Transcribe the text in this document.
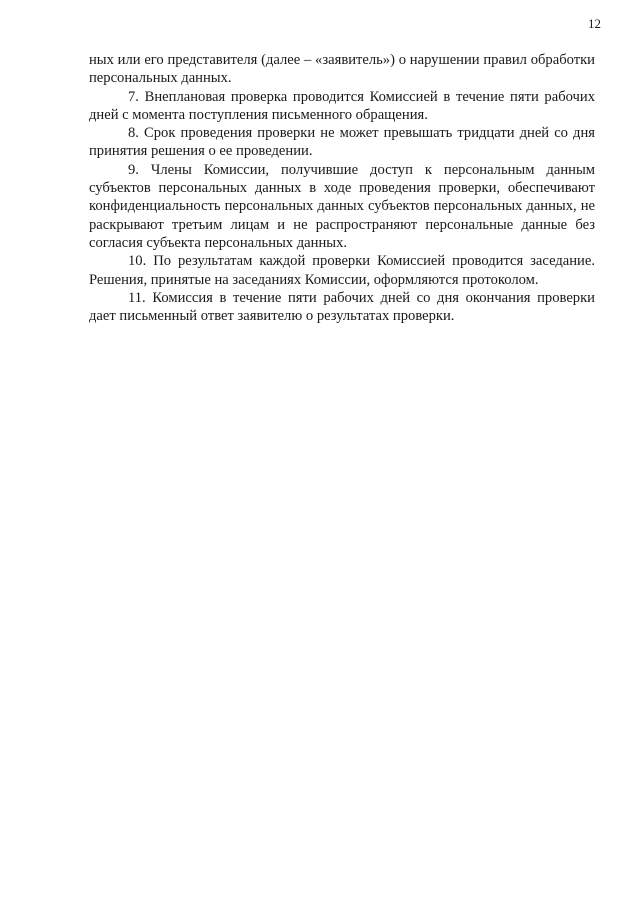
12

ных или его представителя (далее – «заявитель») о нарушении правил обработки персональных данных.

7. Внеплановая проверка проводится Комиссией в течение пяти рабочих дней с момента поступления письменного обращения.

8. Срок проведения проверки не может превышать тридцати дней со дня принятия решения о ее проведении.

9. Члены Комиссии, получившие доступ к персональным данным субъектов персональных данных в ходе проведения проверки, обеспечивают конфиденциальность персональных данных субъектов персональных данных, не раскрывают третьим лицам и не распространяют персональные данные без согласия субъекта персональных данных.

10. По результатам каждой проверки Комиссией проводится заседание. Решения, принятые на заседаниях Комиссии, оформляются протоколом.

11. Комиссия в течение пяти рабочих дней со дня окончания проверки дает письменный ответ заявителю о результатах проверки.
